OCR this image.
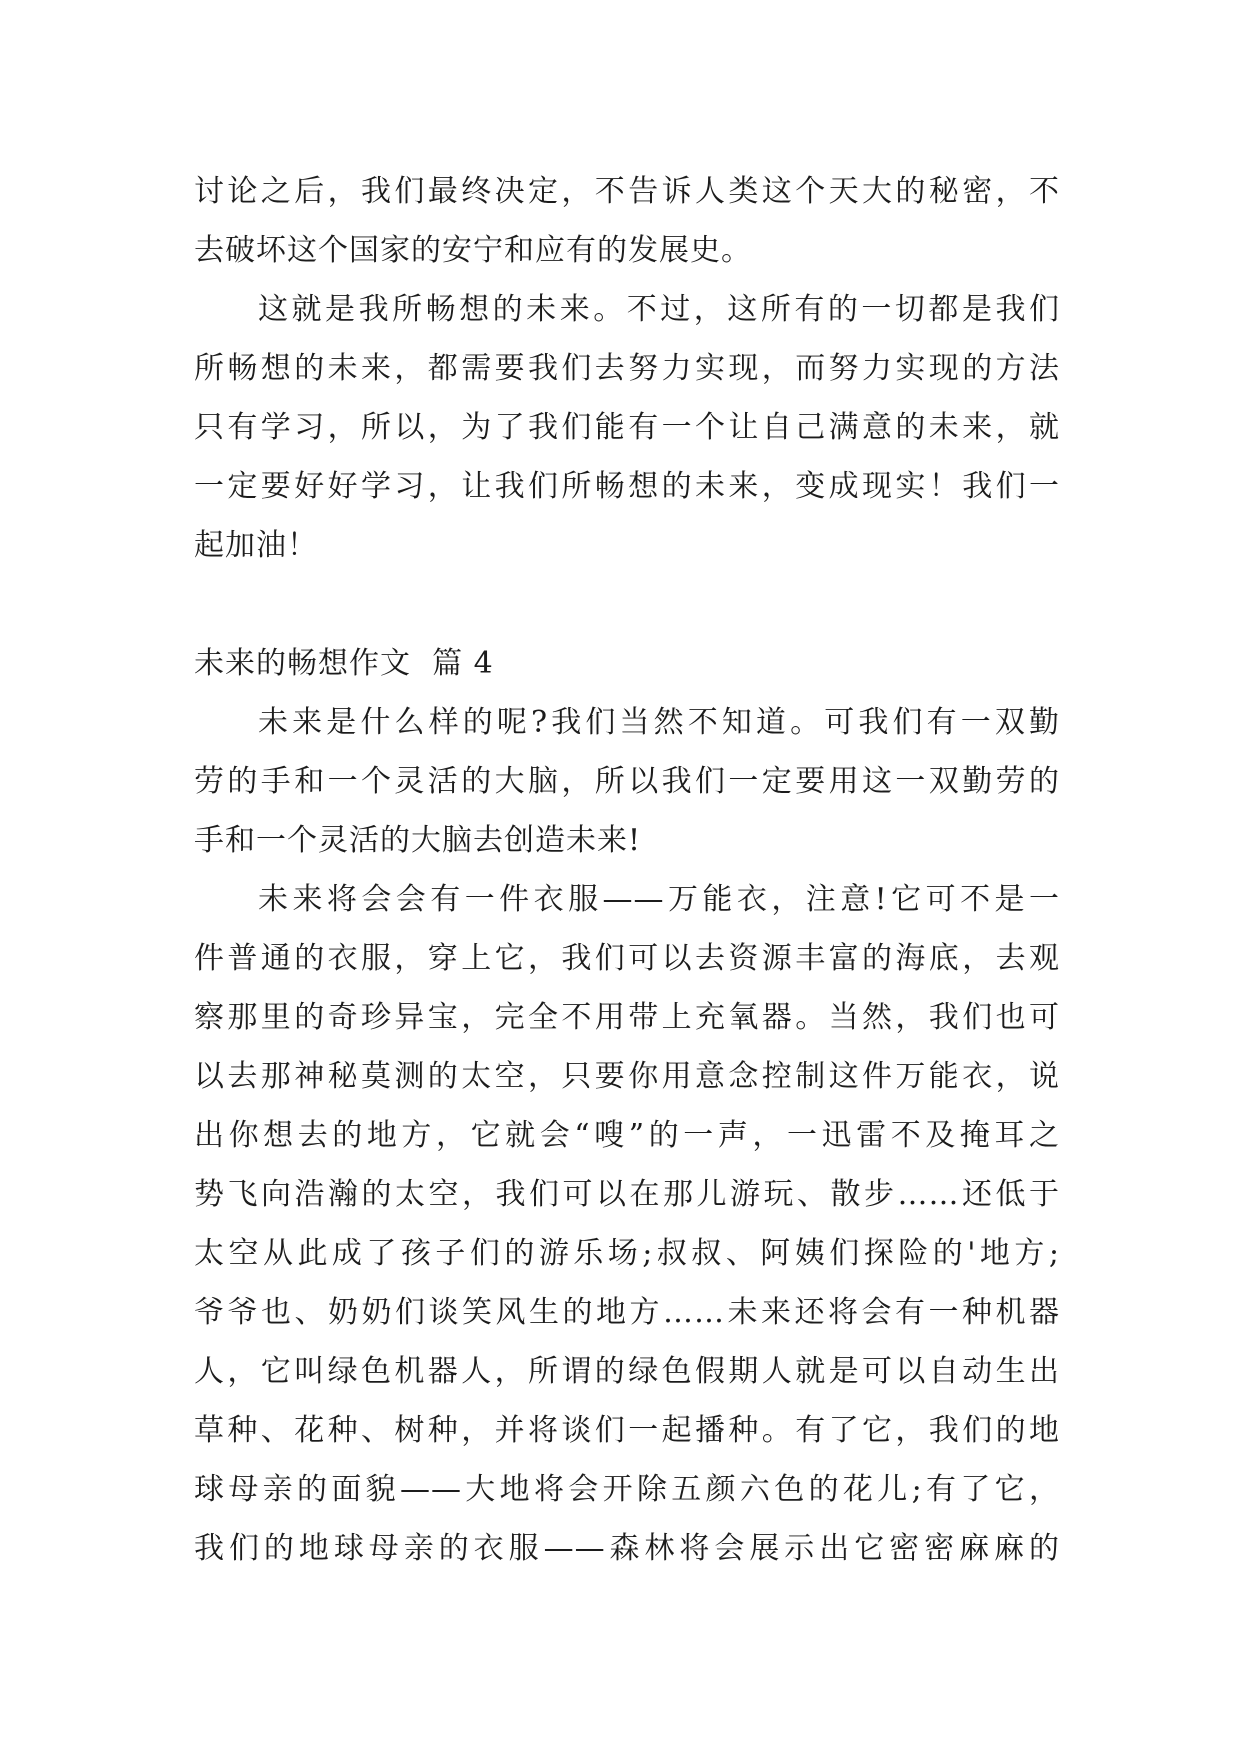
讨论之后，我们最终决定，不告诉人类这个天大的秘密，不
去破坏这个国家的安宁和应有的发展史。
这就是我所畅想的未来。不过，这所有的一切都是我们
所畅想的未来，都需要我们去努力实现，而努力实现的方法
只有学习，所以，为了我们能有一个让自己满意的未来，就
一定要好好学习，让我们所畅想的未来，变成现实！我们一
起加油！
未来的畅想作文  篇 4
未来是什么样的呢?我们当然不知道。可我们有一双勤
劳的手和一个灵活的大脑，所以我们一定要用这一双勤劳的
手和一个灵活的大脑去创造未来!
未来将会会有一件衣服——万能衣，注意!它可不是一
件普通的衣服，穿上它，我们可以去资源丰富的海底，去观
察那里的奇珍异宝，完全不用带上充氧器。当然，我们也可
以去那神秘莫测的太空，只要你用意念控制这件万能衣，说
出你想去的地方，它就会“嗖”的一声，一迅雷不及掩耳之
势飞向浩瀚的太空，我们可以在那儿游玩、散步……还低于
太空从此成了孩子们的游乐场;叔叔、阿姨们探险的'地方;
爷爷也、奶奶们谈笑风生的地方……未来还将会有一种机器
人，它叫绿色机器人，所谓的绿色假期人就是可以自动生出
草种、花种、树种，并将谈们一起播种。有了它，我们的地
球母亲的面貌——大地将会开除五颜六色的花儿;有了它，
我们的地球母亲的衣服——森林将会展示出它密密麻麻的
